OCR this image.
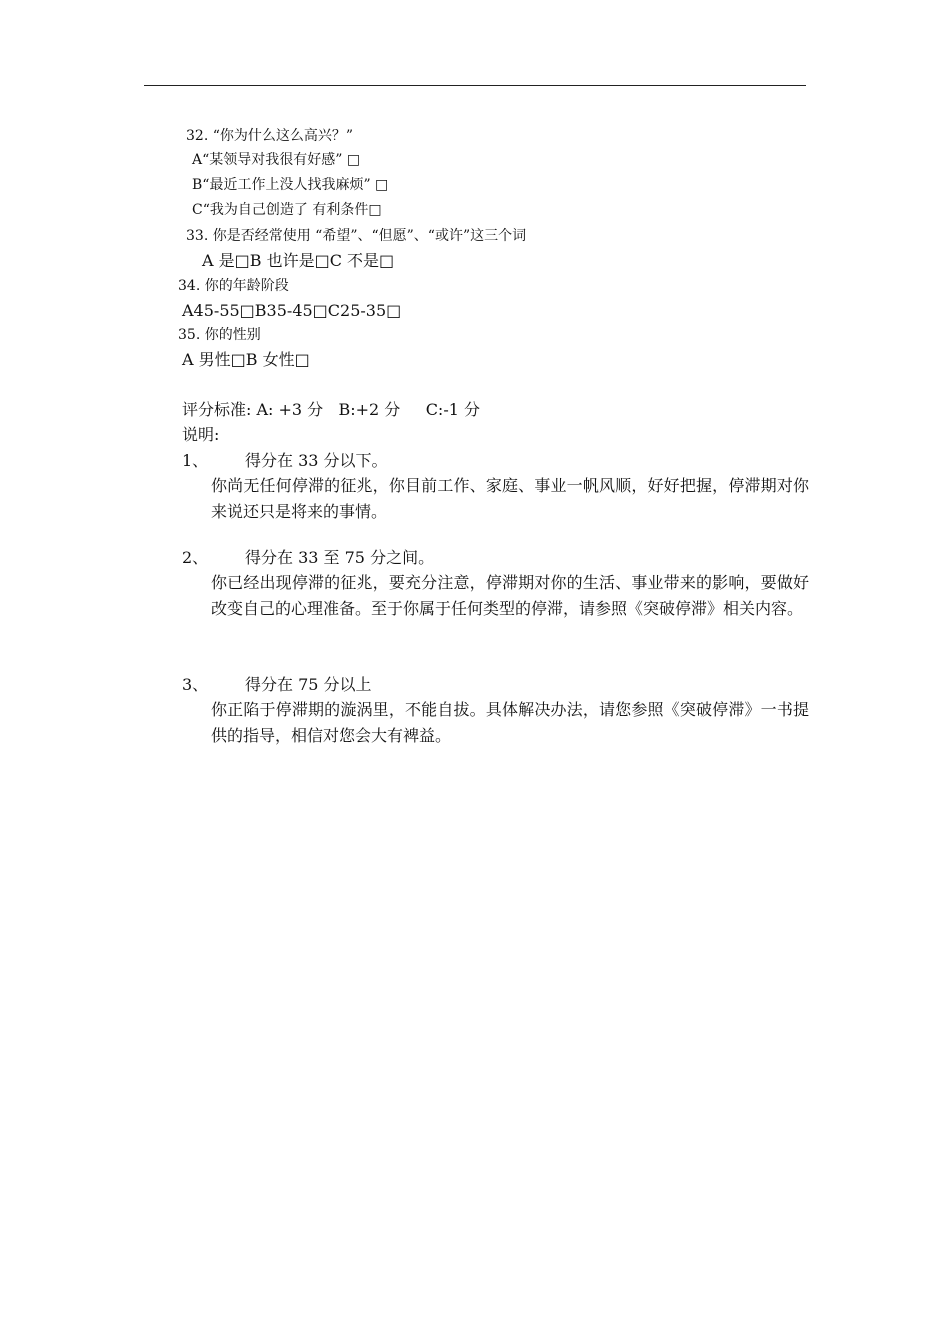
32. “你为什么这么高兴？”
A“某领导对我很有好感” □
B“最近工作上没人找我麻烦” □
C“我为自己创造了 有利条件□
33. 你是否经常使用 “希望”、“但愿”、“或许”这三个词
A 是□B 也许是□C 不是□
34. 你的年龄阶段
A45-55□B35-45□C25-35□
35. 你的性别
A 男性□B 女性□
评分标准: A: +3 分   B:+2 分     C:-1 分
说明:
1、 得分在 33 分以下。
你尚无任何停滞的征兆，你目前工作、家庭、事业一帆风顺，好好把握，停滞期对你来说还只是将来的事情。
2、 得分在 33 至 75 分之间。
你已经出现停滞的征兆，要充分注意，停滞期对你的生活、事业带来的影响，要做好改变自己的心理准备。至于你属于任何类型的停滞，请参照《突破停滞》相关内容。
3、 得分在 75 分以上
你正陷于停滞期的漩涡里，不能自拔。具体解决办法，请您参照《突破停滞》一书提供的指导，相信对您会大有裨益。
